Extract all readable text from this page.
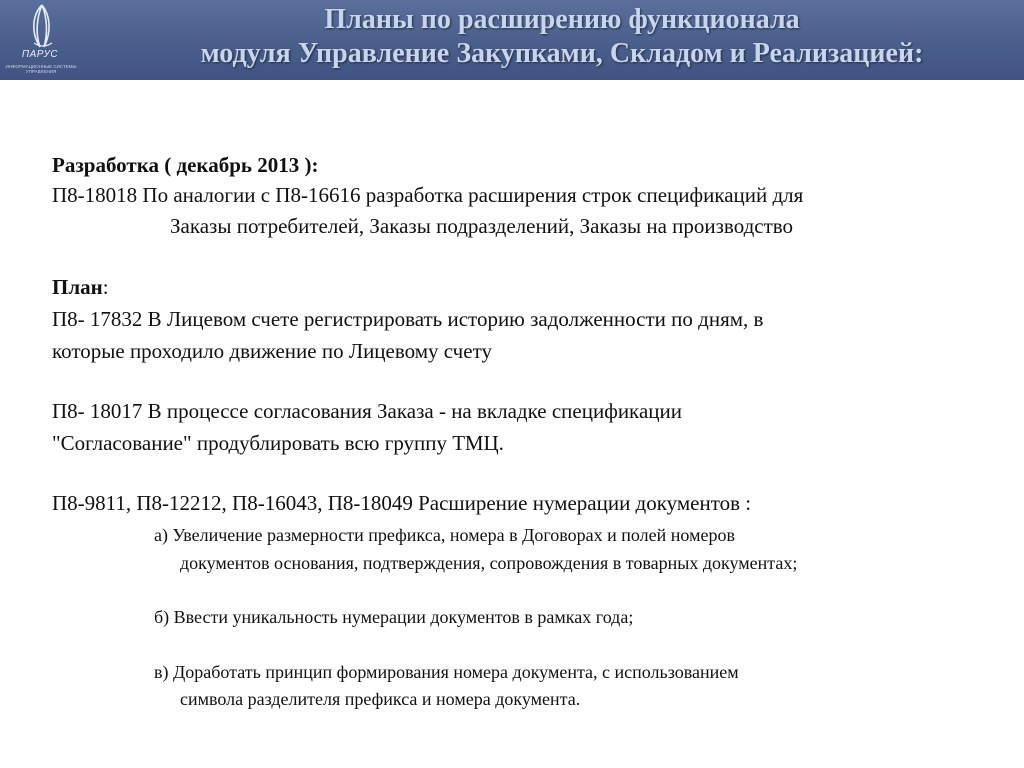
ПАРУС
ИНФОРМАЦИОННЫЕ СИСТЕМЫ УПРАВЛЕНИЯ
Планы по расширению функционала
модуля Управление Закупками, Складом и Реализацией:
Разработка ( декабрь 2013 ):
П8-18018 По аналогии с П8-16616 разработка расширения строк спецификаций для
Заказы потребителей, Заказы подразделений, Заказы на производство
План:
П8- 17832 В Лицевом счете регистрировать историю задолженности по дням, в
которые проходило движение по Лицевому счету
П8- 18017 В процессе согласования Заказа - на вкладке спецификации
"Согласование" продублировать всю группу ТМЦ.
П8-9811, П8-12212, П8-16043, П8-18049 Расширение нумерации документов :
а) Увеличение размерности префикса, номера в Договорах и полей номеров
документов основания, подтверждения, сопровождения в товарных документах;
б) Ввести уникальность нумерации документов в рамках года;
в) Доработать принцип формирования номера документа, с использованием
символа разделителя префикса и номера документа.
